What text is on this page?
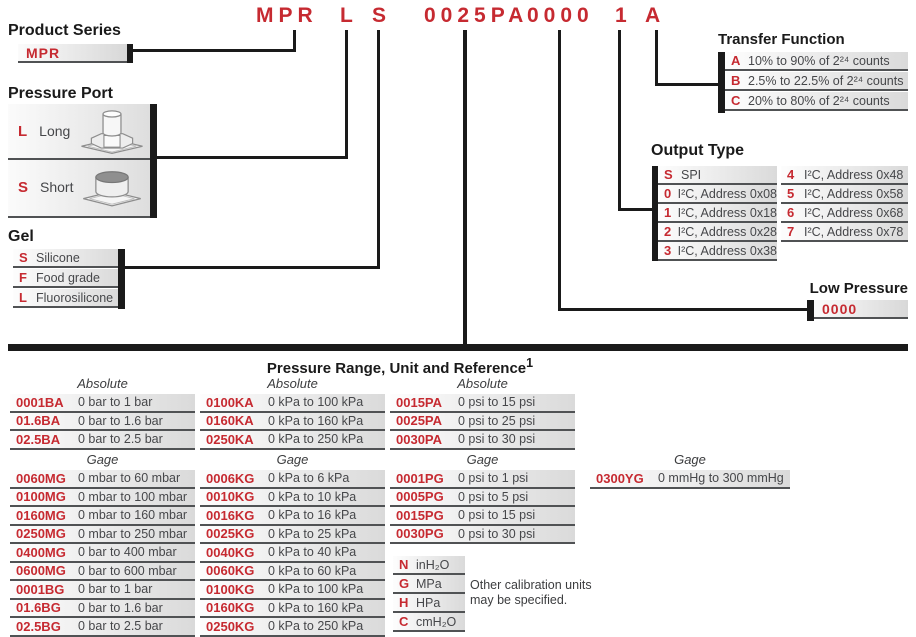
MPR L S 0025PA
0000 1 A
Product Series
MPR
Pressure Port
L Long
S Short
Gel
S Silicone
F Food grade
L Fluorosilicone
Transfer Function
A 10% to 90% of 2²⁴ counts
B 2.5% to 22.5% of 2²⁴ counts
C 20% to 80% of 2²⁴ counts
Output Type
S SPI
0 I²C, Address 0x08
1 I²C, Address 0x18
2 I²C, Address 0x28
3 I²C, Address 0x38
4 I²C, Address 0x48
5 I²C, Address 0x58
6 I²C, Address 0x68
7 I²C, Address 0x78
Low Pressure
0000
Pressure Range, Unit and Reference$^1$
Absolute	Absolute	Absolute
Gage	Gage	Gage	Gage
0001BA	0 bar to 1 bar
01.6BA	0 bar to 1.6 bar
02.5BA	0 bar to 2.5 bar
0100KA	0 kPa to 100 kPa
0160KA	0 kPa to 160 kPa
0250KA	0 kPa to 250 kPa
0015PA	0 psi to 15 psi
0025PA	0 psi to 25 psi
0030PA	0 psi to 30 psi
0060MG 0 mbar to 60 mbar
0100MG 0 mbar to 100 mbar
0160MG 0 mbar to 160 mbar
0250MG 0 mbar to 250 mbar
0400MG 0 bar to 400 mbar
0600MG 0 bar to 600 mbar
0001BG	0 bar to 1 bar
01.6BG	0 bar to 1.6 bar
02.5BG	0 bar to 2.5 bar
0006KG	0 kPa to 6 kPa
0010KG	0 kPa to 10 kPa
0016KG	0 kPa to 16 kPa
0025KG	0 kPa to 25 kPa
0040KG	0 kPa to 40 kPa
0060KG	0 kPa to 60 kPa
0100KG	0 kPa to 100 kPa
0160KG	0 kPa to 160 kPa
0250KG	0 kPa to 250 kPa
0001PG	0 psi to 1 psi
0005PG	0 psi to 5 psi
0015PG	0 psi to 15 psi
0030PG	0 psi to 30 psi
0300YG	0 mmHg to 300 mmHg
N inH₂O
G MPa
H HPa
C cmH₂O
Other calibration units may be specified.
